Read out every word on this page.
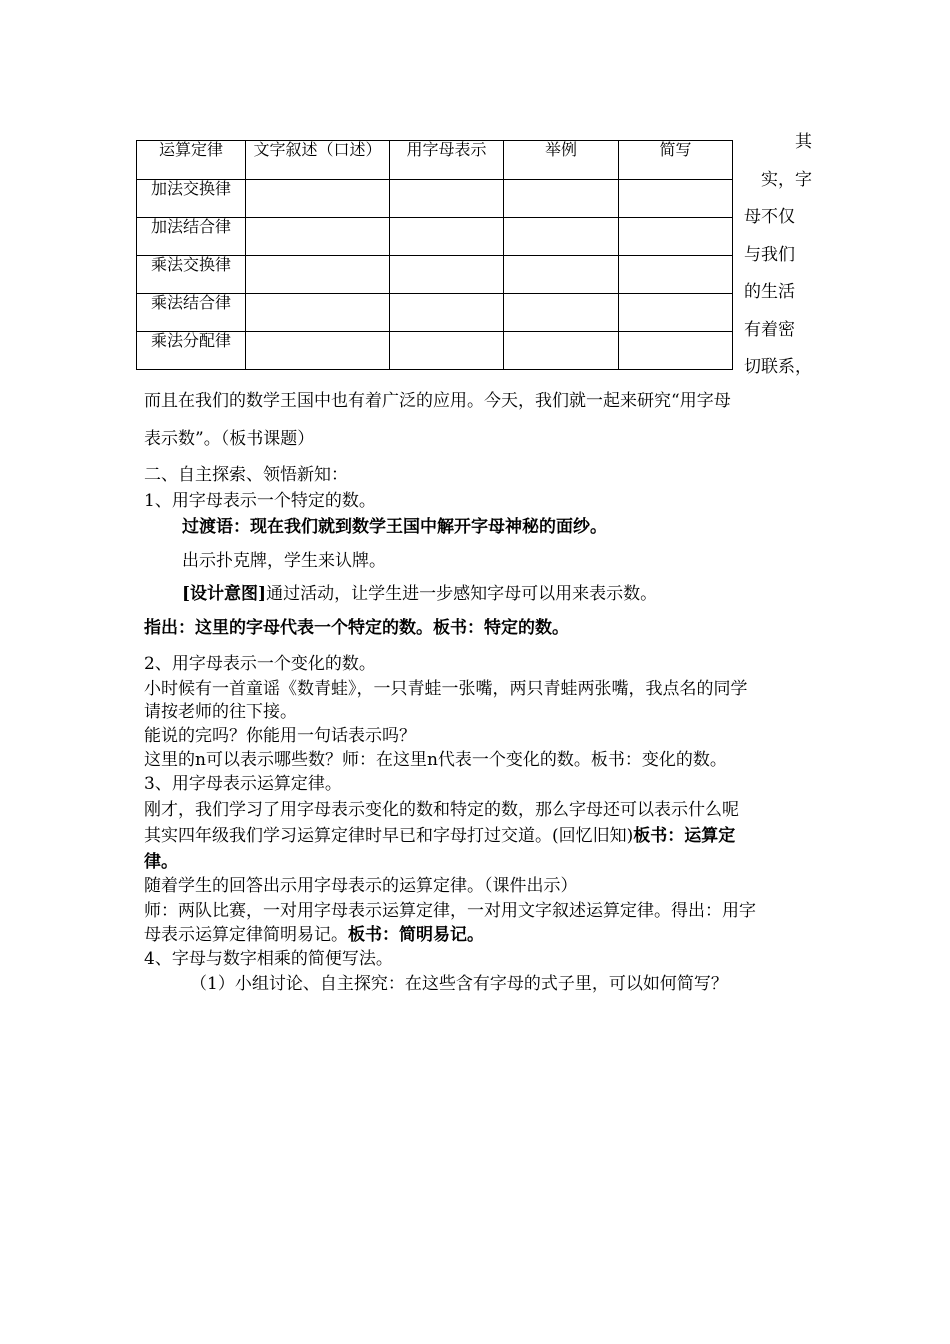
运算定律	文字叙述（口述）	用字母表示	举例	简写
加法交换律				
加法结合律				
乘法交换律				
乘法结合律				
乘法分配律				
其
实，字
母不仅
与我们
的生活
有着密
切联系，
而且在我们的数学王国中也有着广泛的应用。今天，我们就一起来研究“用字母
表示数”。（板书课题）
二、自主探索、领悟新知：
1、用字母表示一个特定的数。
过渡语：现在我们就到数学王国中解开字母神秘的面纱。
出示扑克牌，学生来认牌。
[设计意图]通过活动，让学生进一步感知字母可以用来表示数。
指出：这里的字母代表一个特定的数。板书：特定的数。
2、用字母表示一个变化的数。
小时候有一首童谣《数青蛙》，一只青蛙一张嘴，两只青蛙两张嘴，我点名的同学
请按老师的往下接。
能说的完吗？你能用一句话表示吗？
这里的n可以表示哪些数？师：在这里n代表一个变化的数。板书：变化的数。
3、用字母表示运算定律。
刚才，我们学习了用字母表示变化的数和特定的数，那么字母还可以表示什么呢
其实四年级我们学习运算定律时早已和字母打过交道。(回忆旧知)板书：运算定
律。
随着学生的回答出示用字母表示的运算定律。（课件出示）
师：两队比赛，一对用字母表示运算定律，一对用文字叙述运算定律。得出：用字
母表示运算定律简明易记。板书：简明易记。
4、字母与数字相乘的简便写法。
（1）小组讨论、自主探究：在这些含有字母的式子里，可以如何简写？
